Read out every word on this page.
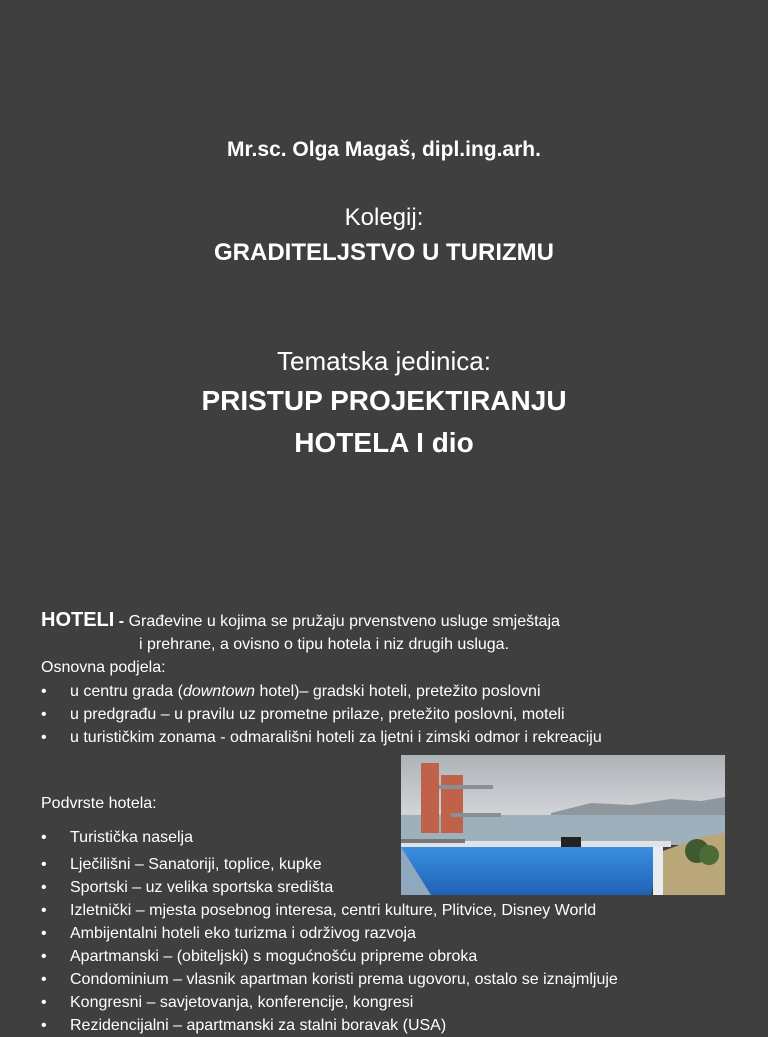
Mr.sc. Olga Magaš, dipl.ing.arh.
Kolegij:
GRADITELJSTVO U TURIZMU
Tematska jedinica:
PRISTUP PROJEKTIRANJU
HOTELA I dio
HOTELI - Građevine u kojima se pružaju prvenstveno usluge smještaja
i prehrane, a ovisno o tipu hotela i niz drugih usluga.
Osnovna podjela:
• u centru grada (downtown hotel)– gradski hoteli, pretežito poslovni
• u predgrađu – u pravilu uz prometne prilaze, pretežito poslovni, moteli
• u turističkim zonama - odmarališni hoteli za ljetni i zimski odmor i rekreaciju
Podvrste hotela:
• Turistička naselja
• Lječilišni – Sanatoriji, toplice, kupke
• Sportski – uz velika sportska središta
• Izletnički – mjesta posebnog interesa, centri kulture, Plitvice, Disney World
• Ambijentalni hoteli eko turizma i održivog razvoja
• Apartmanski – (obiteljski) s mogućnošću pripreme obroka
• Condominium – vlasnik apartman koristi prema ugovoru, ostalo se iznajmljuje
• Kongresni – savjetovanja, konferencije, kongresi
• Rezidencijalni – apartmanski za stalni boravak (USA)
